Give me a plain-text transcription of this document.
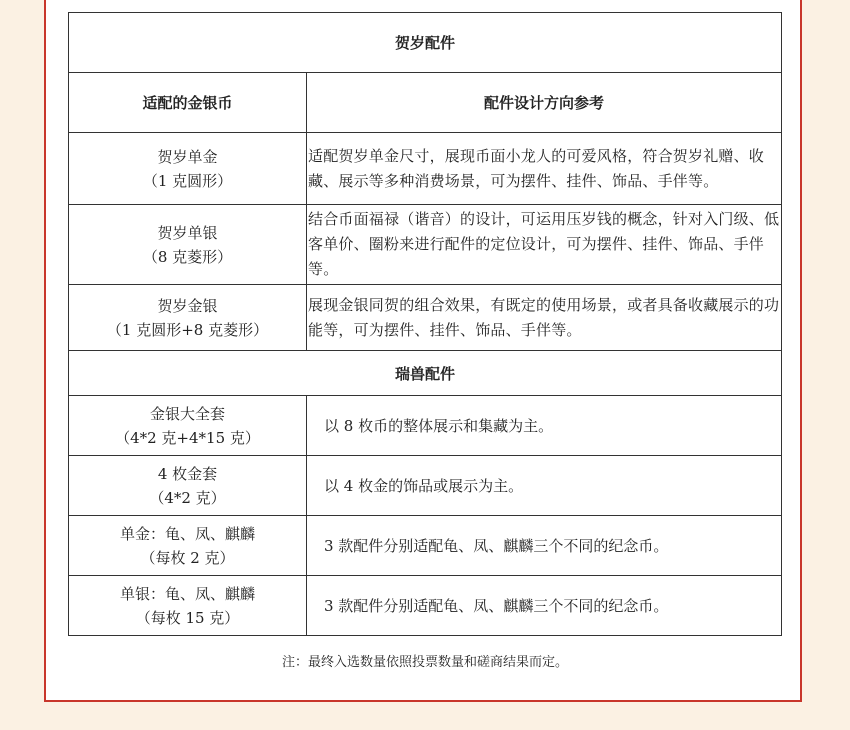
贺岁配件	
适配的金银币	配件设计方向参考

贺岁单金
（1 克圆形）	适配贺岁单金尺寸，展现币面小龙人的可爱风格，符合贺岁礼赠、收藏、展示等多种消费场景，可为摆件、挂件、饰品、手伴等。

贺岁单银
（8 克菱形）	结合币面福禄（谐音）的设计，可运用压岁钱的概念，针对入门级、低客单价、圈粉来进行配件的定位设计，可为摆件、挂件、饰品、手伴等。

贺岁金银
（1 克圆形+8 克菱形）	展现金银同贺的组合效果，有既定的使用场景，或者具备收藏展示的功能等，可为摆件、挂件、饰品、手伴等。
瑞兽配件	

金银大全套
（4*2 克+4*15 克）	以 8 枚币的整体展示和集藏为主。

4 枚金套
（4*2 克）	以 4 枚金的饰品或展示为主。

单金：龟、凤、麒麟
（每枚 2 克）	3 款配件分别适配龟、凤、麒麟三个不同的纪念币。

单银：龟、凤、麒麟
（每枚 15 克）	3 款配件分别适配龟、凤、麒麟三个不同的纪念币。
注：最终入选数量依照投票数量和磋商结果而定。
